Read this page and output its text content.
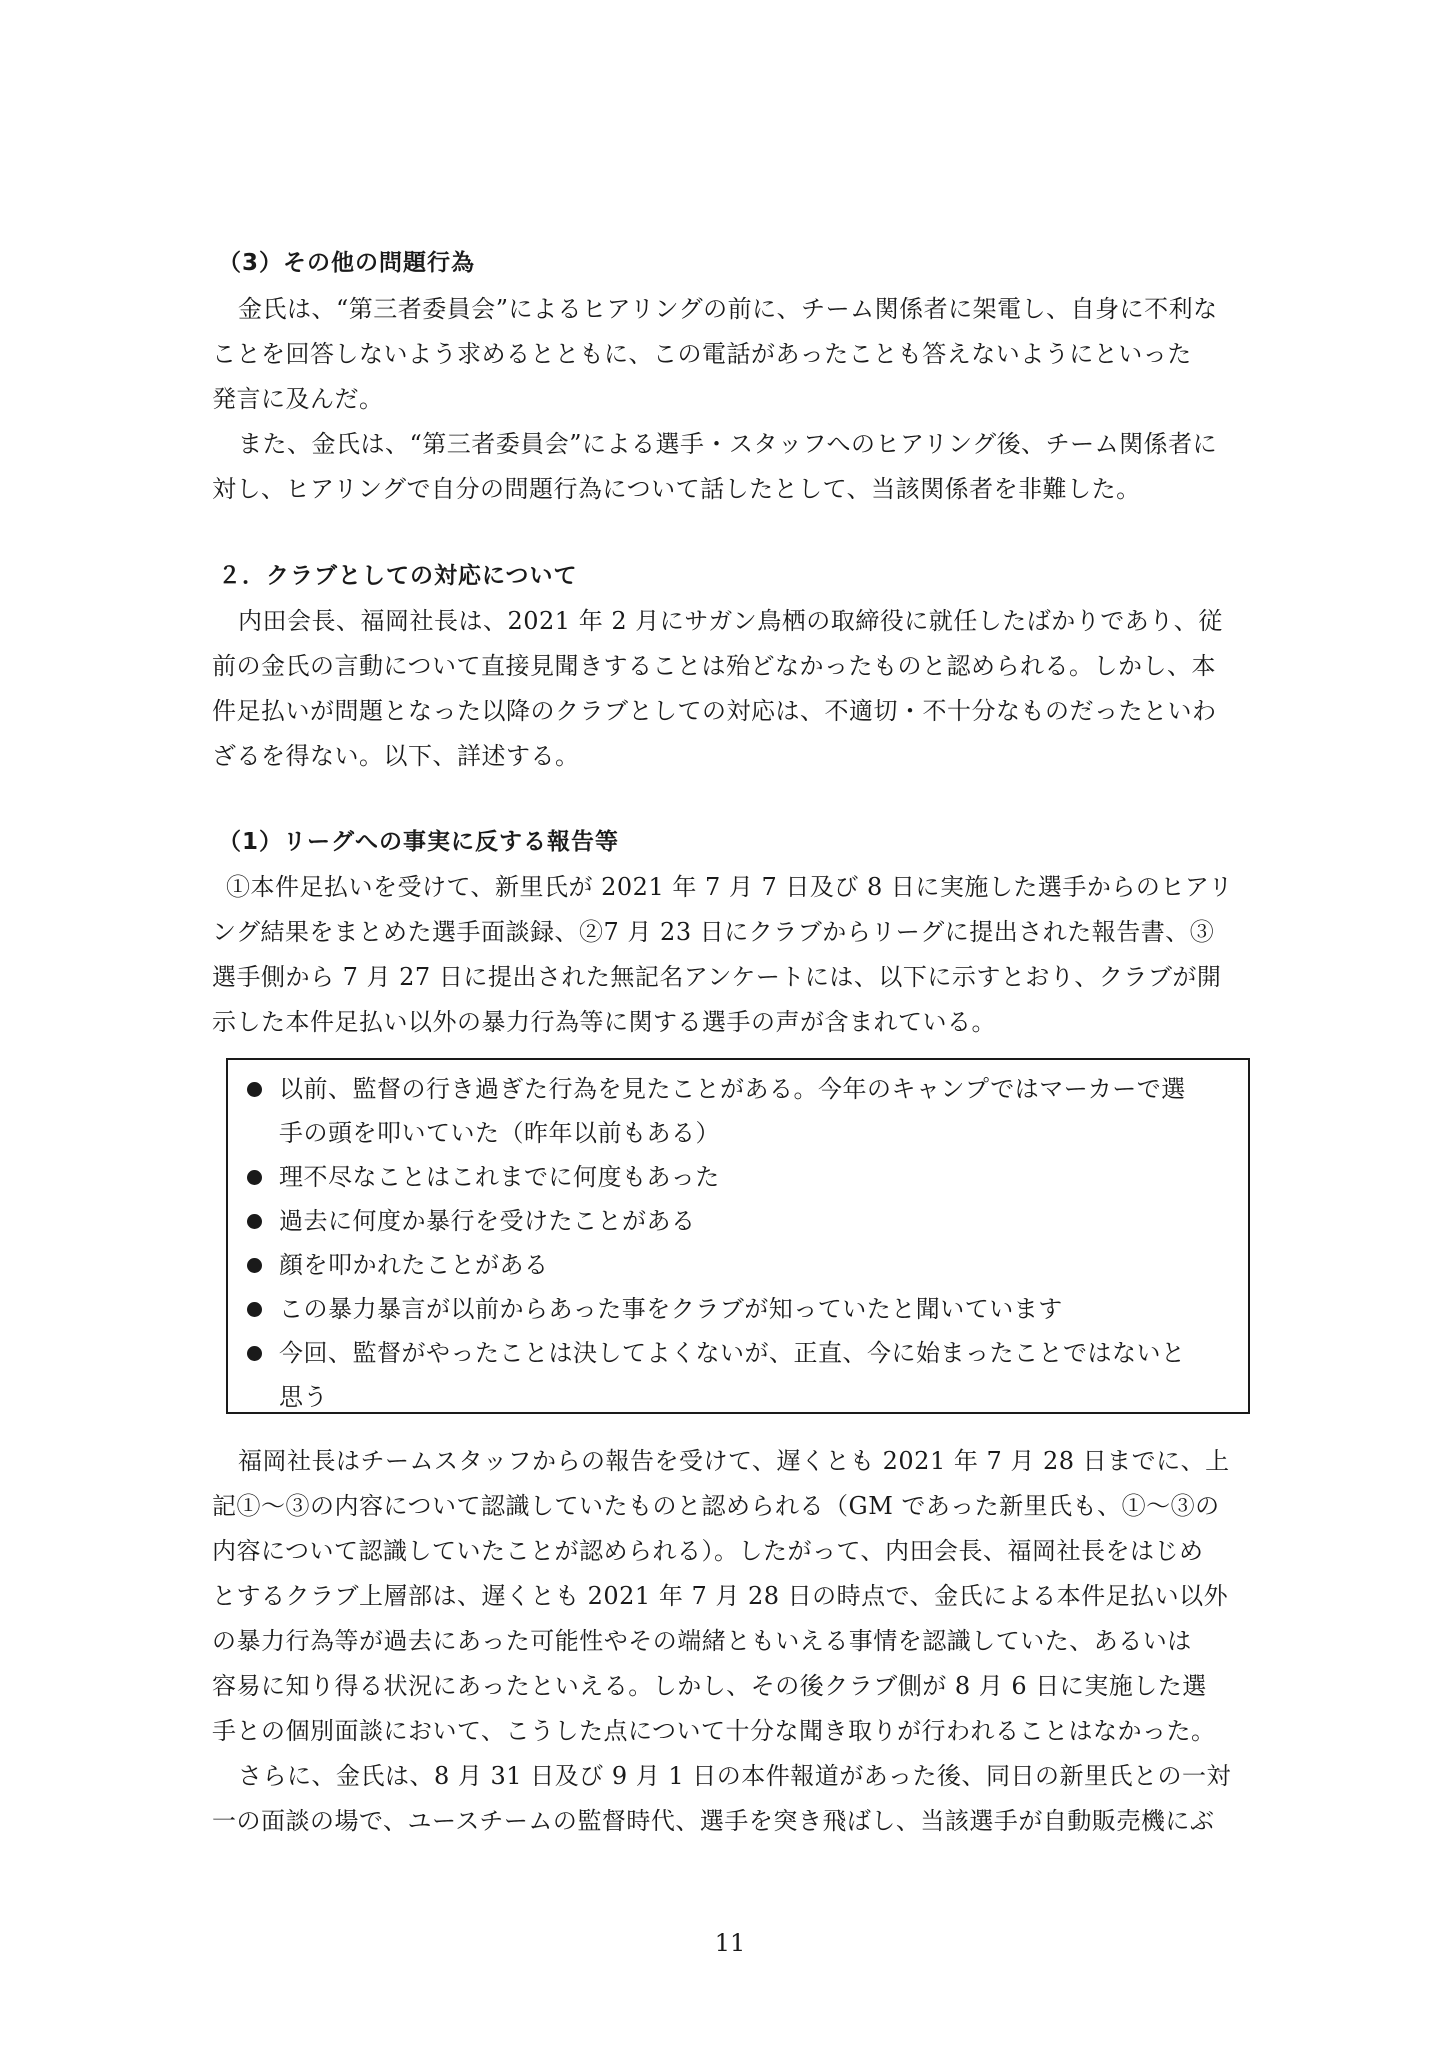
（3）その他の問題行為
金氏は、“第三者委員会”によるヒアリングの前に、チーム関係者に架電し、自身に不利な
ことを回答しないよう求めるとともに、この電話があったことも答えないようにといった
発言に及んだ。
また、金氏は、“第三者委員会”による選手・スタッフへのヒアリング後、チーム関係者に
対し、ヒアリングで自分の問題行為について話したとして、当該関係者を非難した。
２．クラブとしての対応について
内田会長、福岡社長は、2021 年 2 月にサガン鳥栖の取締役に就任したばかりであり、従
前の金氏の言動について直接見聞きすることは殆どなかったものと認められる。しかし、本
件足払いが問題となった以降のクラブとしての対応は、不適切・不十分なものだったといわ
ざるを得ない。以下、詳述する。
（1）リーグへの事実に反する報告等
①本件足払いを受けて、新里氏が 2021 年 7 月 7 日及び 8 日に実施した選手からのヒアリ
ング結果をまとめた選手面談録、②7 月 23 日にクラブからリーグに提出された報告書、③
選手側から 7 月 27 日に提出された無記名アンケートには、以下に示すとおり、クラブが開
示した本件足払い以外の暴力行為等に関する選手の声が含まれている。
以前、監督の行き過ぎた行為を見たことがある。今年のキャンプではマーカーで選
手の頭を叩いていた（昨年以前もある）
理不尽なことはこれまでに何度もあった
過去に何度か暴行を受けたことがある
顔を叩かれたことがある
この暴力暴言が以前からあった事をクラブが知っていたと聞いています
今回、監督がやったことは決してよくないが、正直、今に始まったことではないと
思う
福岡社長はチームスタッフからの報告を受けて、遅くとも 2021 年 7 月 28 日までに、上
記①～③の内容について認識していたものと認められる（GM であった新里氏も、①～③の
内容について認識していたことが認められる）。したがって、内田会長、福岡社長をはじめ
とするクラブ上層部は、遅くとも 2021 年 7 月 28 日の時点で、金氏による本件足払い以外
の暴力行為等が過去にあった可能性やその端緒ともいえる事情を認識していた、あるいは
容易に知り得る状況にあったといえる。しかし、その後クラブ側が 8 月 6 日に実施した選
手との個別面談において、こうした点について十分な聞き取りが行われることはなかった。
さらに、金氏は、8 月 31 日及び 9 月 1 日の本件報道があった後、同日の新里氏との一対
一の面談の場で、ユースチームの監督時代、選手を突き飛ばし、当該選手が自動販売機にぶ
11
